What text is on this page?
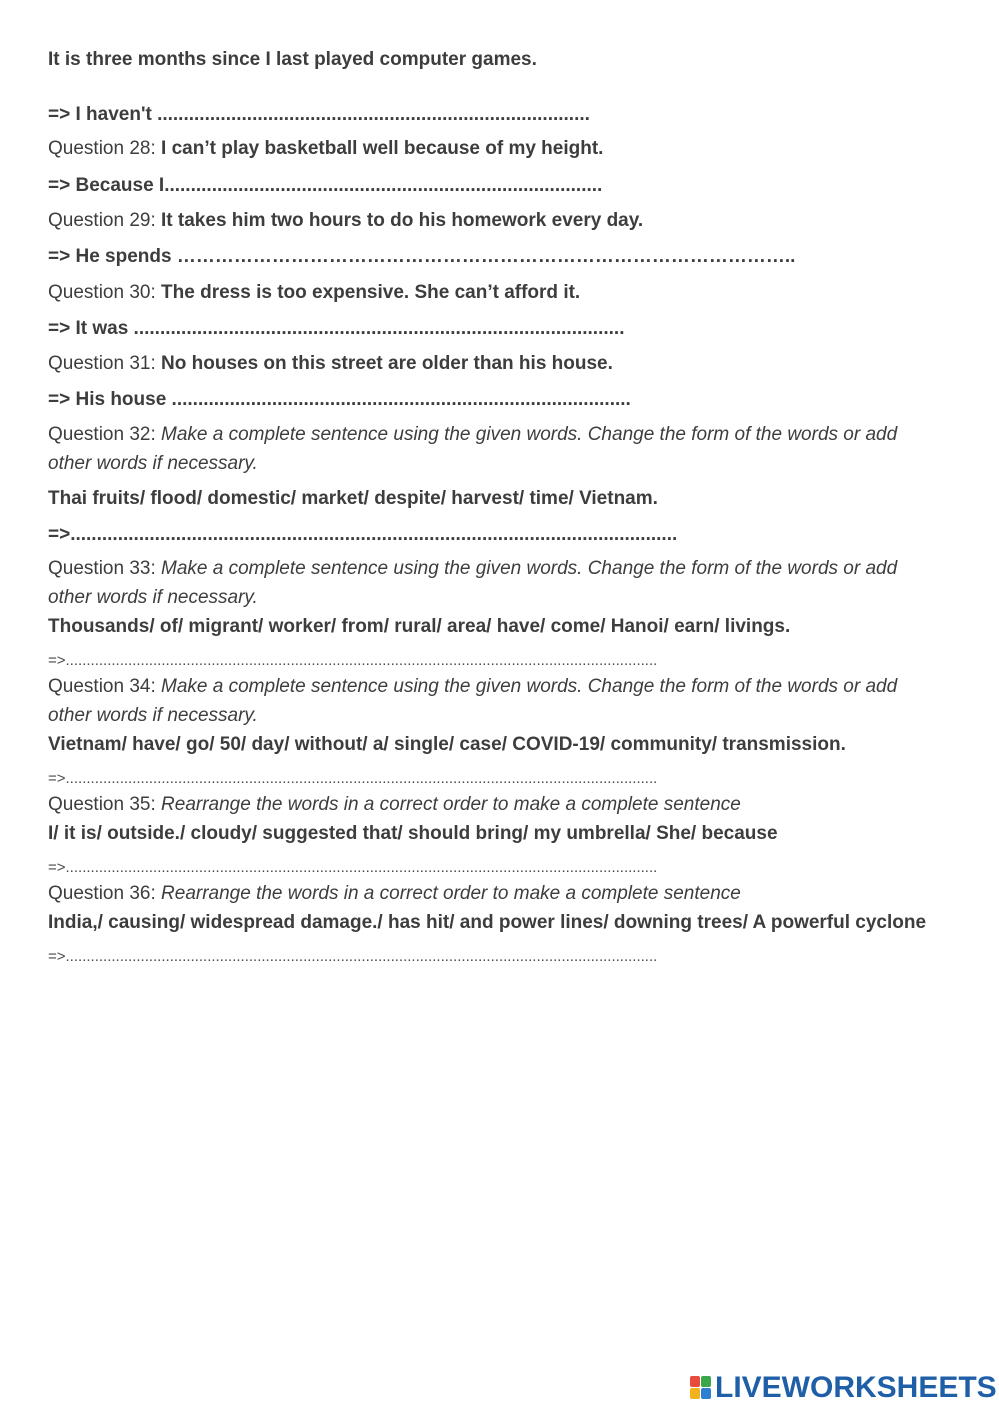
It is three months since I last played computer games.
=> I haven't ..................................................................................
Question 28: I can’t play basketball well because of my height.
=> Because I...................................................................................
Question 29: It takes him two hours to do his homework every day.
=> He spends ……………………………………………………………………………………..
Question 30: The dress is too expensive. She can’t afford it.
=> It was .............................................................................................
Question 31: No houses on this street are older than his house.
=> His house .......................................................................................
Question 32: Make a complete sentence using the given words. Change the form of the words or add
other words if necessary.
Thai fruits/ flood/ domestic/ market/ despite/ harvest/ time/ Vietnam.
=>...................................................................................................................
Question 33: Make a complete sentence using the given words. Change the form of the words or add
other words if necessary.
Thousands/ of/ migrant/ worker/ from/ rural/ area/ have/ come/ Hanoi/ earn/ livings.
=>..............................................................................................................................................
Question 34: Make a complete sentence using the given words. Change the form of the words or add
other words if necessary.
Vietnam/ have/ go/ 50/ day/ without/ a/ single/ case/ COVID-19/ community/ transmission.
=>..............................................................................................................................................
Question 35: Rearrange the words in a correct order to make a complete sentence
I/ it is/ outside./ cloudy/ suggested that/ should bring/ my umbrella/ She/ because
=>..............................................................................................................................................
Question 36: Rearrange the words in a correct order to make a complete sentence
India,/ causing/ widespread damage./ has hit/ and power lines/ downing trees/ A powerful cyclone
=>..............................................................................................................................................
LIVEWORKSHEETS
